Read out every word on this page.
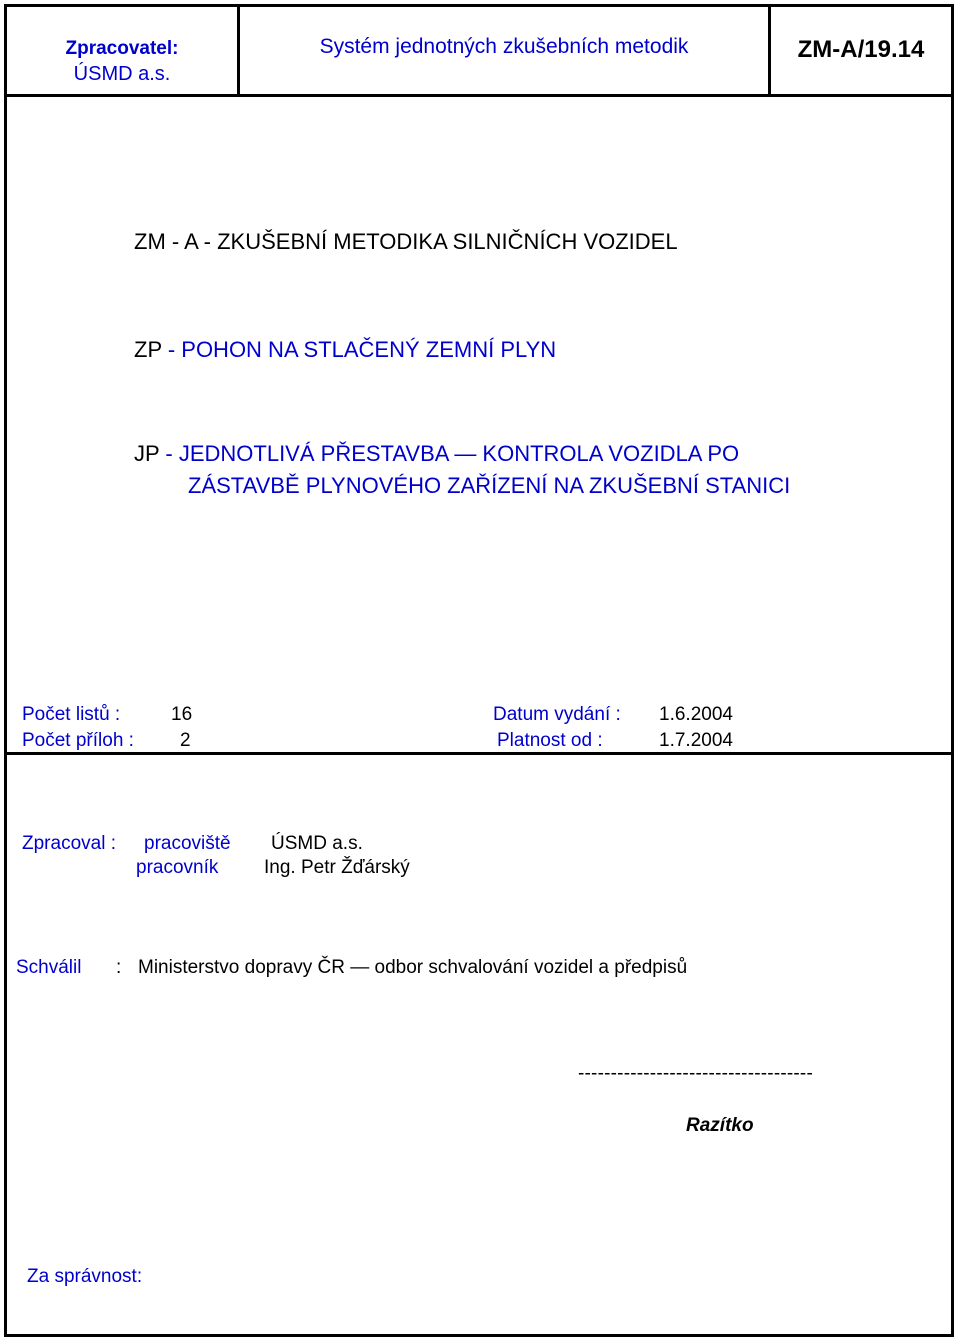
Zpracovatel:
ÚSMD a.s.
Systém jednotných zkušebních metodik	ZM-A/19.14
ZM - A - ZKUŠEBNÍ METODIKA SILNIČNÍCH VOZIDEL
ZP - POHON NA STLAČENÝ ZEMNÍ PLYN
JP - JEDNOTLIVÁ PŘESTAVBA — KONTROLA VOZIDLA PO
ZÁSTAVBĚ PLYNOVÉHO ZAŘÍZENÍ NA ZKUŠEBNÍ STANICI
Počet listů :	16
Počet příloh : 2
Datum vydání : 1.6.2004
Platnost od :	1.7.2004
Zpracoval : pracoviště ÚSMD a.s.
pracovník Ing. Petr Žďárský
Schválil : Ministerstvo dopravy ČR — odbor schvalování vozidel a předpisů
------------------------------------
Razítko
Za správnost:
